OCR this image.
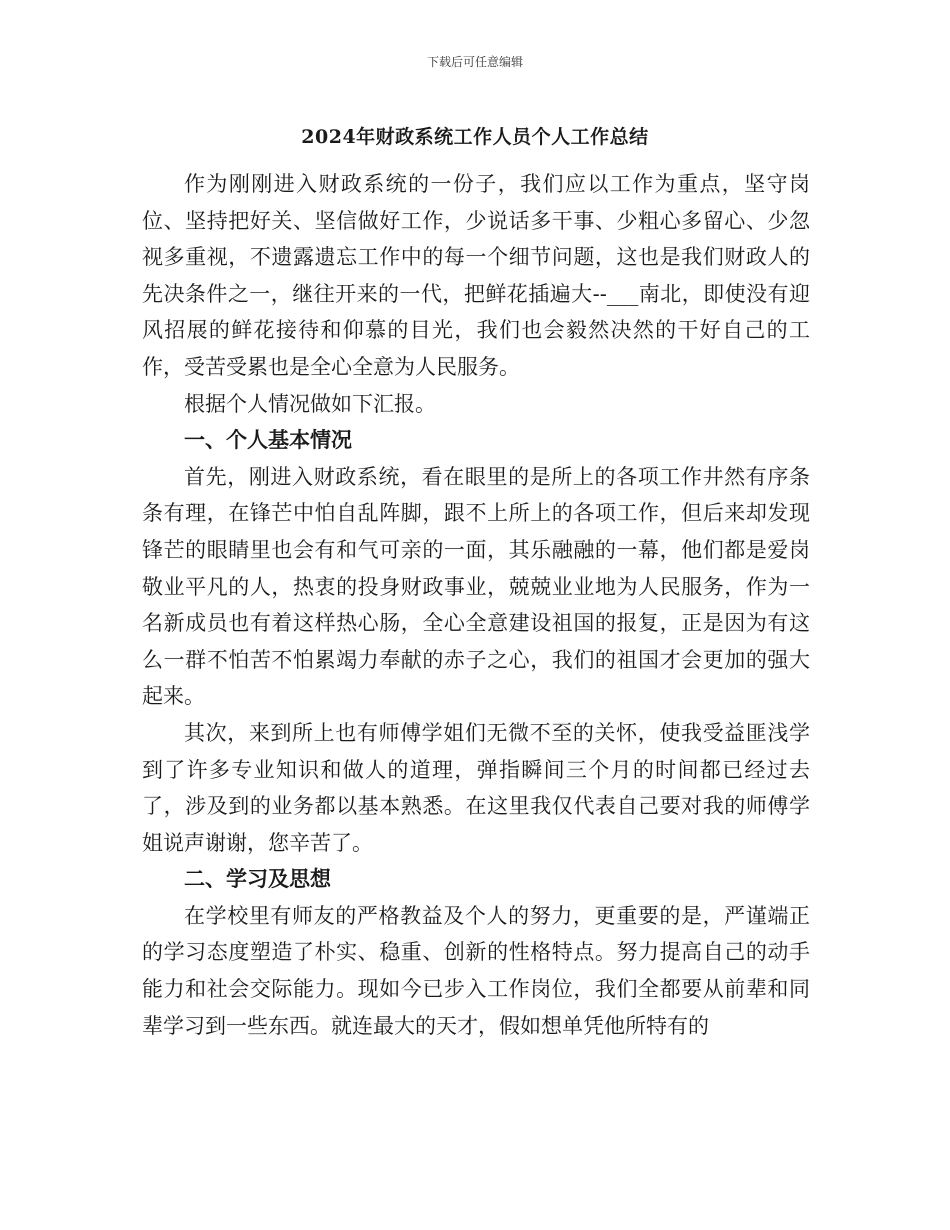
下载后可任意编辑
2024年财政系统工作人员个人工作总结

作为刚刚进入财政系统的一份子，我们应以工作为重点，坚守岗位、坚持把好关、坚信做好工作，少说话多干事、少粗心多留心、少忽视多重视，不遗露遗忘工作中的每一个细节问题，这也是我们财政人的先决条件之一，继往开来的一代，把鲜花插遍大--___南北，即使没有迎风招展的鲜花接待和仰慕的目光，我们也会毅然决然的干好自己的工作，受苦受累也是全心全意为人民服务。

根据个人情况做如下汇报。

一、个人基本情况

首先，刚进入财政系统，看在眼里的是所上的各项工作井然有序条条有理，在锋芒中怕自乱阵脚，跟不上所上的各项工作，但后来却发现锋芒的眼睛里也会有和气可亲的一面，其乐融融的一幕，他们都是爱岗敬业平凡的人，热衷的投身财政事业，兢兢业业地为人民服务，作为一名新成员也有着这样热心肠，全心全意建设祖国的报复，正是因为有这么一群不怕苦不怕累竭力奉献的赤子之心，我们的祖国才会更加的强大起来。

其次，来到所上也有师傅学姐们无微不至的关怀，使我受益匪浅学到了许多专业知识和做人的道理，弹指瞬间三个月的时间都已经过去了，涉及到的业务都以基本熟悉。在这里我仅代表自己要对我的师傅学姐说声谢谢，您辛苦了。

二、学习及思想

在学校里有师友的严格教益及个人的努力，更重要的是，严谨端正的学习态度塑造了朴实、稳重、创新的性格特点。努力提高自己的动手能力和社会交际能力。现如今已步入工作岗位，我们全都要从前辈和同辈学习到一些东西。就连最大的天才，假如想单凭他所特有的
